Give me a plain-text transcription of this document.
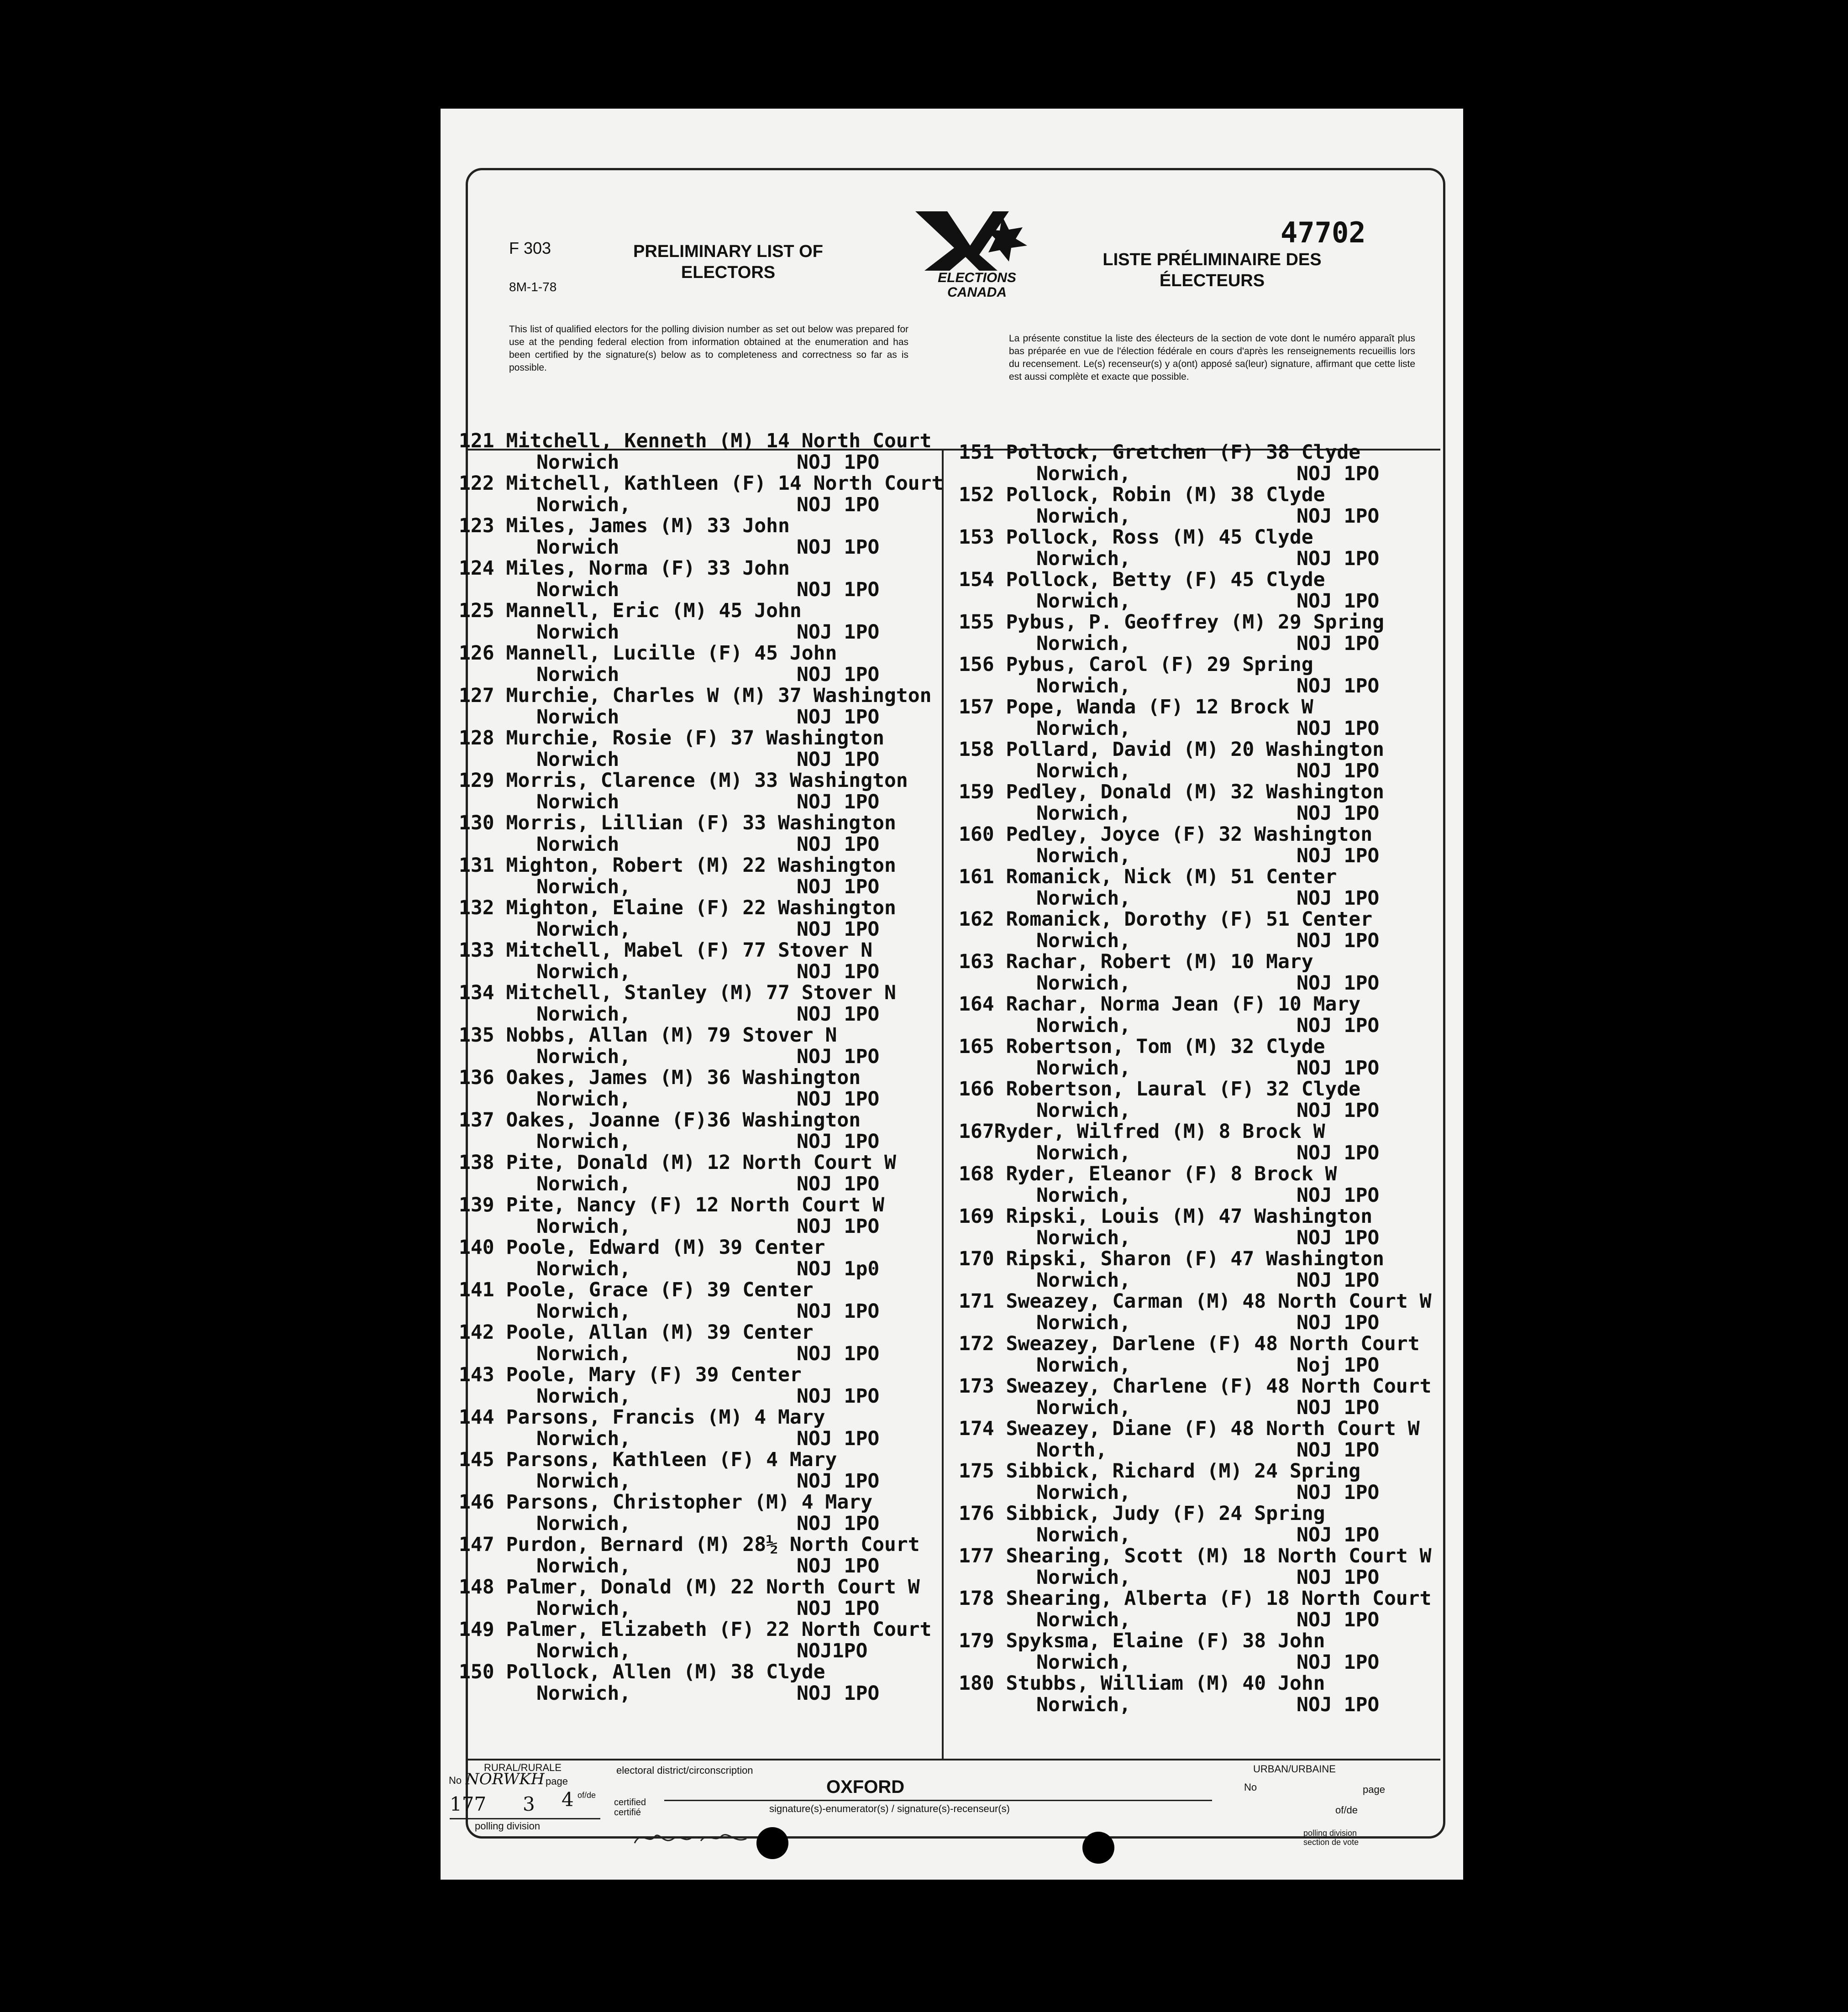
F 303
8M-1-78
PRELIMINARY LIST OF ELECTORS	ELECTIONS CANADA
47702
LISTE PRÉLIMINAIRE DES ÉLECTEURS
This list of qualified electors for the polling division number as set out below was prepared for use at the pending federal election from information obtained at the enumeration and has been certified by the signature(s) below as to completeness and correctness so far as is possible.
La présente constitue la liste des électeurs de la section de vote dont le numéro apparaît plus bas préparée en vue de l'élection fédérale en cours d'après les renseignements recueillis lors du recensement. Le(s) recenseur(s) y a(ont) apposé sa(leur) signature, affirmant que cette liste est aussi complète et exacte que possible.
121 Mitchell, Kenneth (M) 14 North Court
Norwich	NOJ 1PO
122 Mitchell, Kathleen (F) 14 North Court
Norwich,	NOJ 1PO
123 Miles, James (M) 33 John
Norwich	NOJ 1PO
124 Miles, Norma (F) 33 John
Norwich	NOJ 1PO
125 Mannell, Eric (M) 45 John
Norwich	NOJ 1PO
126 Mannell, Lucille (F) 45 John
Norwich	NOJ 1PO
127 Murchie, Charles W (M) 37 Washington
Norwich	NOJ 1PO
128 Murchie, Rosie (F) 37 Washington
Norwich	NOJ 1PO
129 Morris, Clarence (M) 33 Washington
Norwich	NOJ 1PO
130 Morris, Lillian (F) 33 Washington
Norwich	NOJ 1PO
131 Mighton, Robert (M) 22 Washington
Norwich,	NOJ 1PO
132 Mighton, Elaine (F) 22 Washington
Norwich,	NOJ 1PO
133 Mitchell, Mabel (F) 77 Stover N
Norwich,	NOJ 1PO
134 Mitchell, Stanley (M) 77 Stover N
Norwich,	NOJ 1PO
135 Nobbs, Allan (M) 79 Stover N
Norwich,	NOJ 1PO
136 Oakes, James (M) 36 Washington
Norwich,	NOJ 1PO
137 Oakes, Joanne (F)36 Washington
Norwich,	NOJ 1PO
138 Pite, Donald (M) 12 North Court W
Norwich,	NOJ 1PO
139 Pite, Nancy (F) 12 North Court W
Norwich,	NOJ 1PO
140 Poole, Edward (M) 39 Center
Norwich,	NOJ 1p0
141 Poole, Grace (F) 39 Center
Norwich,	NOJ 1PO
142 Poole, Allan (M) 39 Center
Norwich,	NOJ 1PO
143 Poole, Mary (F) 39 Center
Norwich,	NOJ 1PO
144 Parsons, Francis (M) 4 Mary
Norwich,	NOJ 1PO
145 Parsons, Kathleen (F) 4 Mary
Norwich,	NOJ 1PO
146 Parsons, Christopher (M) 4 Mary
Norwich,	NOJ 1PO
147 Purdon, Bernard (M) 28½ North Court
Norwich,	NOJ 1PO
148 Palmer, Donald (M) 22 North Court W
Norwich,	NOJ 1PO
149 Palmer, Elizabeth (F) 22 North Court
Norwich,	NOJ1PO
150 Pollock, Allen (M) 38 Clyde
Norwich,	NOJ 1PO
151 Pollock, Gretchen (F) 38 Clyde
Norwich,	NOJ 1PO
152 Pollock, Robin (M) 38 Clyde
Norwich,	NOJ 1PO
153 Pollock, Ross (M) 45 Clyde
Norwich,	NOJ 1PO
154 Pollock, Betty (F) 45 Clyde
Norwich,	NOJ 1PO
155 Pybus, P. Geoffrey (M) 29 Spring
Norwich,	NOJ 1PO
156 Pybus, Carol (F) 29 Spring
Norwich,	NOJ 1PO
157 Pope, Wanda (F) 12 Brock W
Norwich,	NOJ 1PO
158 Pollard, David (M) 20 Washington
Norwich,	NOJ 1PO
159 Pedley, Donald (M) 32 Washington
Norwich,	NOJ 1PO
160 Pedley, Joyce (F) 32 Washington
Norwich,	NOJ 1PO
161 Romanick, Nick (M) 51 Center
Norwich,	NOJ 1PO
162 Romanick, Dorothy (F) 51 Center
Norwich,	NOJ 1PO
163 Rachar, Robert (M) 10 Mary
Norwich,	NOJ 1PO
164 Rachar, Norma Jean (F) 10 Mary
Norwich,	NOJ 1PO
165 Robertson, Tom (M) 32 Clyde
Norwich,	NOJ 1PO
166 Robertson, Laural (F) 32 Clyde
Norwich,	NOJ 1PO
167Ryder, Wilfred (M) 8 Brock W
Norwich,	NOJ 1PO
168 Ryder, Eleanor (F) 8 Brock W
Norwich,	NOJ 1PO
169 Ripski, Louis (M) 47 Washington
Norwich,	NOJ 1PO
170 Ripski, Sharon (F) 47 Washington
Norwich,	NOJ 1PO
171 Sweazey, Carman (M) 48 North Court W
Norwich,	NOJ 1PO
172 Sweazey, Darlene (F) 48 North Court
Norwich,	Noj 1PO
173 Sweazey, Charlene (F) 48 North Court
Norwich,	NOJ 1PO
174 Sweazey, Diane (F) 48 North Court W
North,	NOJ 1PO
175 Sibbick, Richard (M) 24 Spring
Norwich,	NOJ 1PO
176 Sibbick, Judy (F) 24 Spring
Norwich,	NOJ 1PO
177 Shearing, Scott (M) 18 North Court W
Norwich,	NOJ 1PO
178 Shearing, Alberta (F) 18 North Court
Norwich,	NOJ 1PO
179 Spyksma, Elaine (F) 38 John
Norwich,	NOJ 1PO
180 Stubbs, William (M) 40 John
Norwich,	NOJ 1PO
RURAL/RURALE	electoral district/circonscription
OXFORD
URBAN/URBAINE
No	page
of/de
polling division section de vote
No NORWKH
177
page
3 4 of/de
certified certifié	signature(s)-enumerator(s) / signature(s)-recenseur(s)
polling division
